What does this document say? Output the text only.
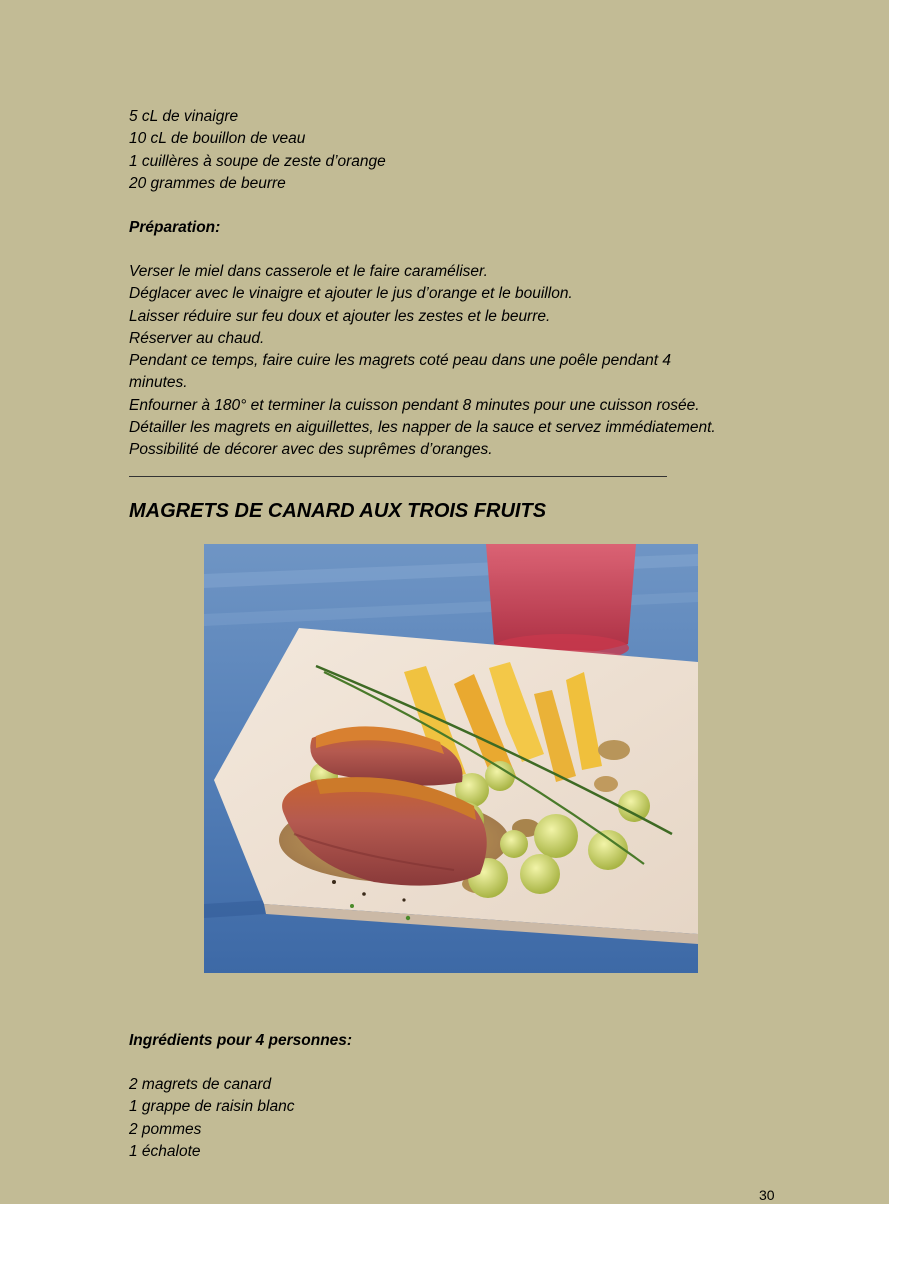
5 cL de vinaigre
10 cL de bouillon de veau
1 cuillères à soupe de zeste d’orange
20 grammes de beurre
Préparation:
Verser le miel dans casserole et le faire caraméliser.
Déglacer avec le vinaigre et ajouter le jus d’orange et le bouillon.
Laisser réduire sur feu doux et ajouter les zestes et le beurre.
Réserver au chaud.
Pendant ce temps, faire cuire les magrets coté peau dans une poêle pendant 4
minutes.
Enfourner à 180° et terminer la cuisson pendant 8 minutes pour une cuisson rosée.
Détailler les magrets en aiguillettes, les napper de la sauce et servez immédiatement.
Possibilité de décorer avec des suprêmes d’oranges.
MAGRETS DE CANARD AUX TROIS FRUITS
Ingrédients pour 4 personnes:
2 magrets de canard
1 grappe de raisin blanc
2 pommes
1 échalote
30
